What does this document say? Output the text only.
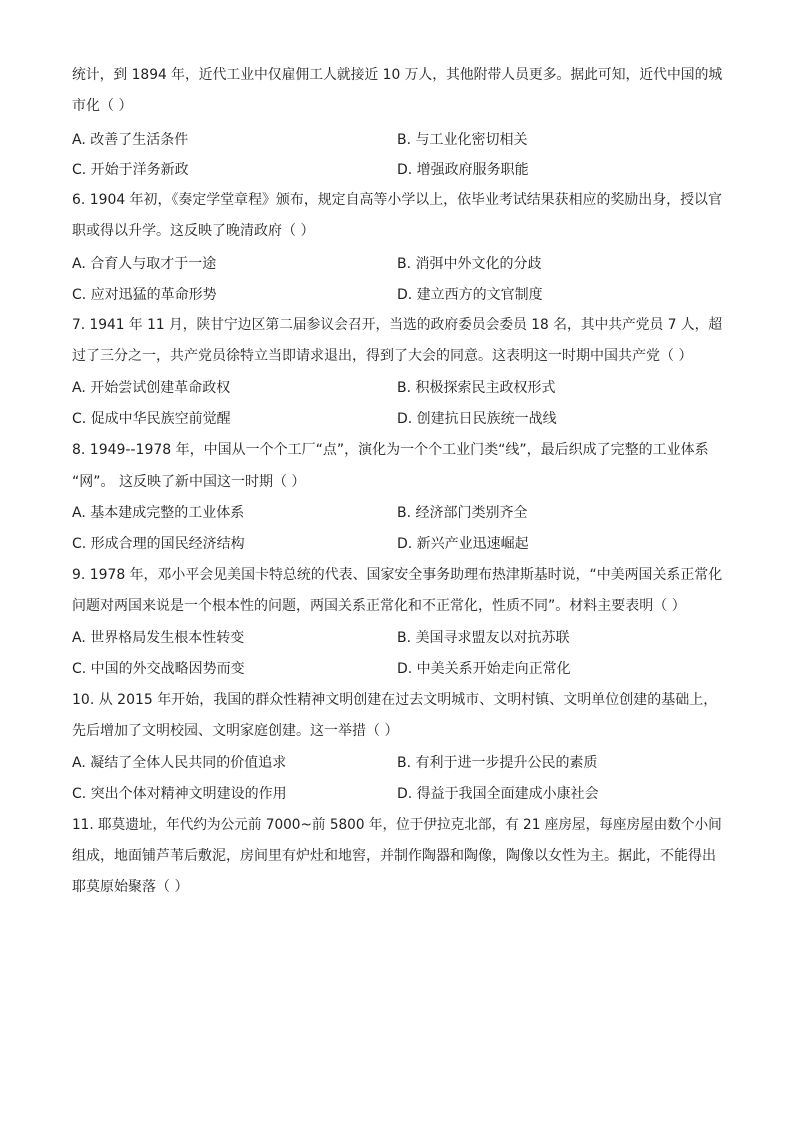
统计，到 1894 年，近代工业中仅雇佣工人就接近 10 万人，其他附带人员更多。据此可知，近代中国的城
市化（ ）
A. 改善了生活条件	B. 与工业化密切相关
C. 开始于洋务新政	D. 增强政府服务职能
6. 1904 年初，《奏定学堂章程》颁布，规定自高等小学以上，依毕业考试结果获相应的奖励出身，授以官
职或得以升学。这反映了晚清政府（ ）
A. 合育人与取才于一途	B. 消弭中外文化的分歧
C. 应对迅猛的革命形势	D. 建立西方的文官制度
7. 1941 年 11 月，陕甘宁边区第二届参议会召开，当选的政府委员会委员 18 名，其中共产党员 7 人，超
过了三分之一，共产党员徐特立当即请求退出，得到了大会的同意。这表明这一时期中国共产党（ ）
A. 开始尝试创建革命政权	B. 积极探索民主政权形式
C. 促成中华民族空前觉醒	D. 创建抗日民族统一战线
8. 1949--1978 年，中国从一个个工厂“点”，演化为一个个工业门类“线”，最后织成了完整的工业体系
“网”。 这反映了新中国这一时期（ ）
A. 基本建成完整的工业体系	B. 经济部门类别齐全
C. 形成合理的国民经济结构	D. 新兴产业迅速崛起
9. 1978 年，邓小平会见美国卡特总统的代表、国家安全事务助理布热津斯基时说，“中美两国关系正常化
问题对两国来说是一个根本性的问题，两国关系正常化和不正常化，性质不同”。材料主要表明（ ）
A. 世界格局发生根本性转变	B. 美国寻求盟友以对抗苏联
C. 中国的外交战略因势而变	D. 中美关系开始走向正常化
10. 从 2015 年开始，我国的群众性精神文明创建在过去文明城市、文明村镇、文明单位创建的基础上，
先后增加了文明校园、文明家庭创建。这一举措（ ）
A. 凝结了全体人民共同的价值追求	B. 有利于进一步提升公民的素质
C. 突出个体对精神文明建设的作用	D. 得益于我国全面建成小康社会
11. 耶莫遗址，年代约为公元前 7000~前 5800 年，位于伊拉克北部，有 21 座房屋，每座房屋由数个小间
组成，地面铺芦苇后敷泥，房间里有炉灶和地窖，并制作陶器和陶像，陶像以女性为主。据此，不能得出
耶莫原始聚落（ ）
